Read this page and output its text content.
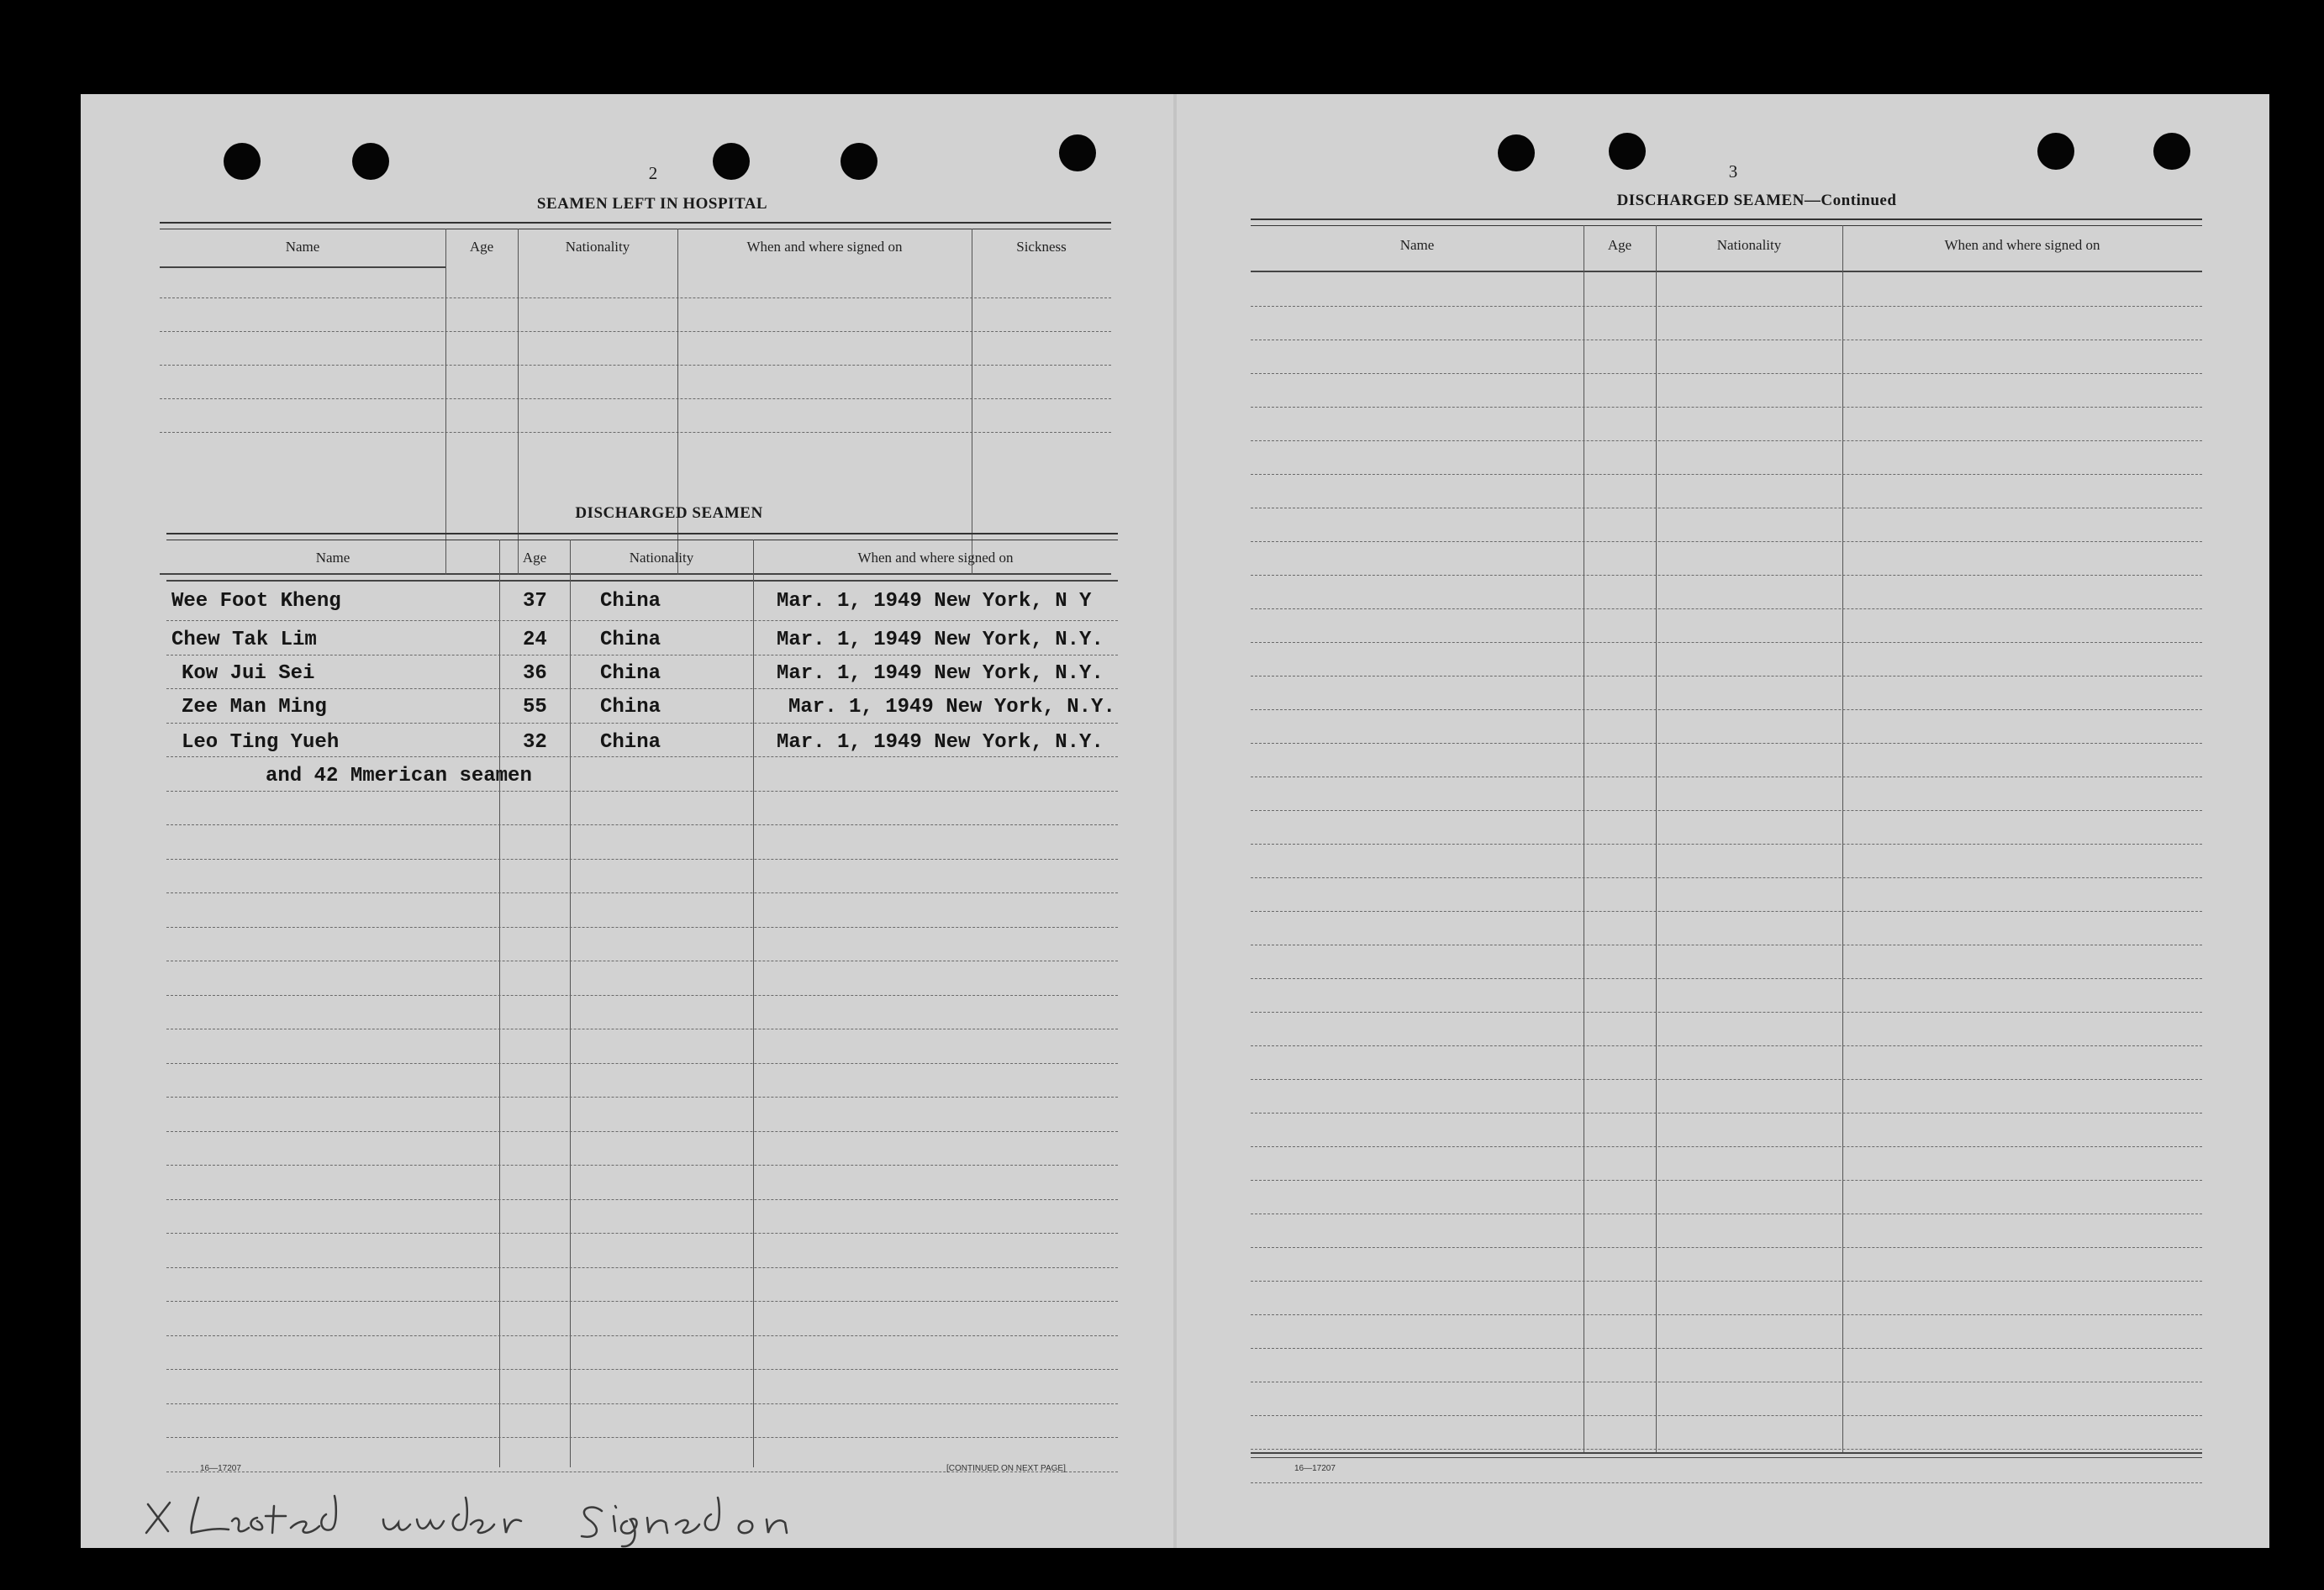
2
SEAMEN LEFT IN HOSPITAL
Name	Age	Nationality	When and where signed on	Sickness
DISCHARGED SEAMEN
Name	Age	Nationality	When and where signed on
Wee Foot Kheng	37	China	Mar. 1, 1949 New York, N Y
Chew Tak Lim	24	China	Mar. 1, 1949 New York, N.Y.
Kow Jui Sei	36	China	Mar. 1, 1949 New York, N.Y.
Zee Man Ming	55	China	Mar. 1, 1949 New York, N.Y.
Leo Ting Yueh	32	China	Mar. 1, 1949 New York, N.Y.
and 42 Mmerican seamen
16—17207	[CONTINUED ON NEXT PAGE]
3
DISCHARGED SEAMEN—Continued
Name	Age	Nationality	When and where signed on
16—17207
